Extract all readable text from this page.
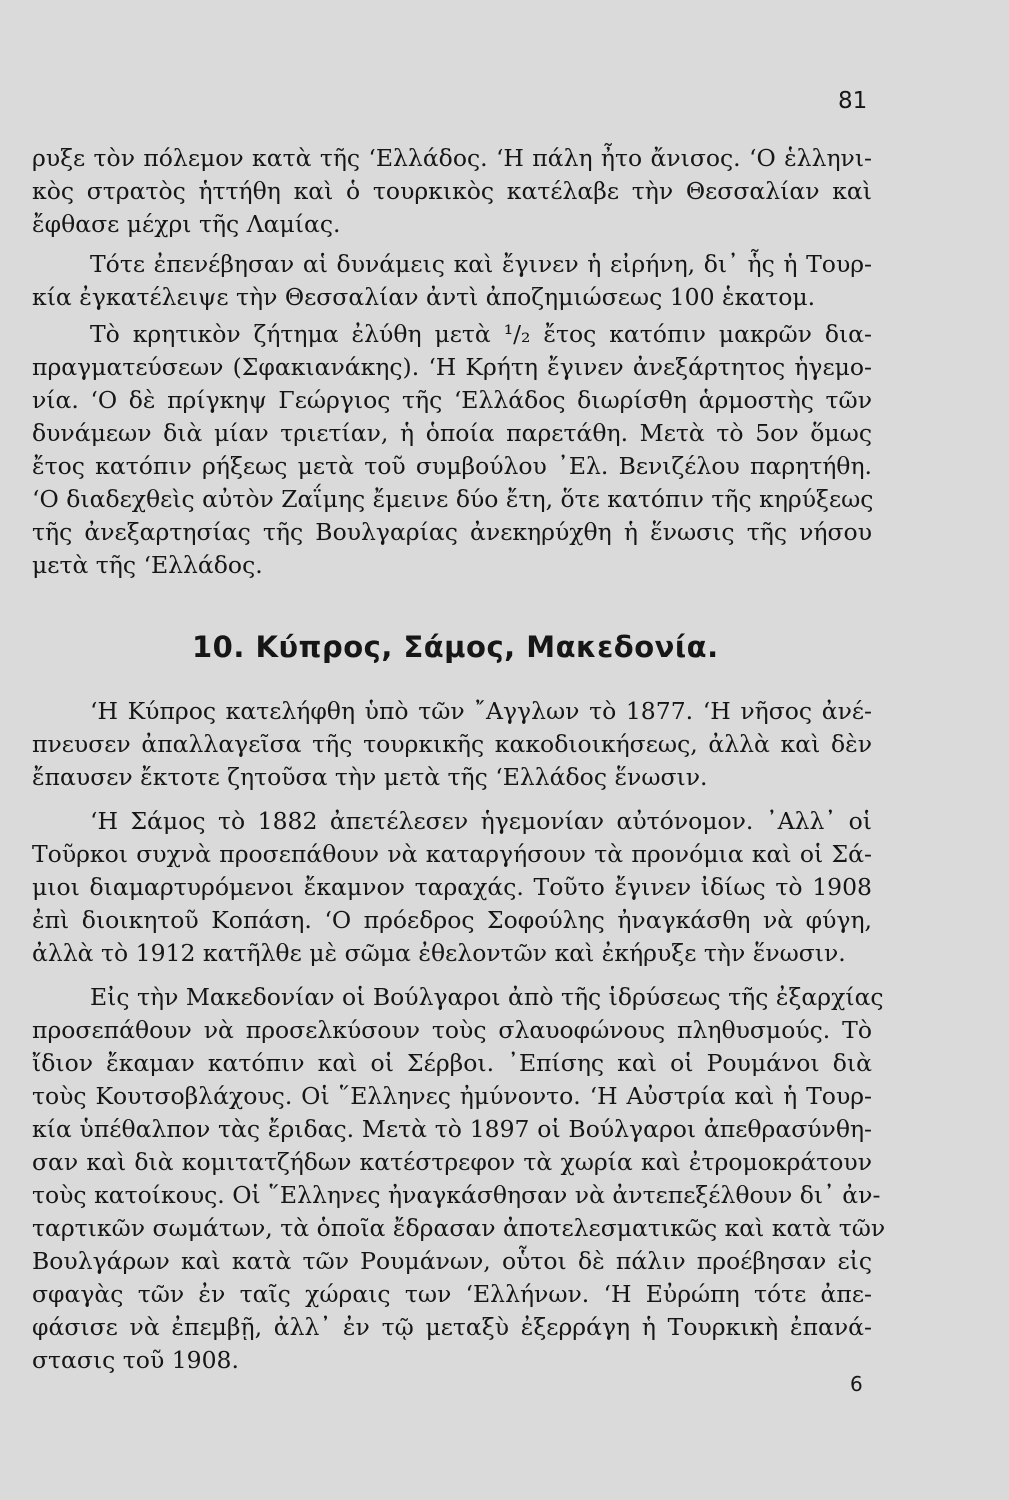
81
ρυξε τὸν πόλεμον κατὰ τῆς ‘Ελλάδος. ‘Η πάλη ἦτο ἄνισος. ‘Ο ἑλληνι-
κὸς στρατὸς ἡττήθη καὶ ὁ τουρκικὸς κατέλαβε τὴν Θεσσαλίαν καὶ
ἔφθασε μέχρι τῆς Λαμίας.
Τότε ἐπενέβησαν αἱ δυνάμεις καὶ ἔγινεν ἡ εἰρήνη, δι᾽ ἧς ἡ Τουρ-
κία ἐγκατέλειψε τὴν Θεσσαλίαν ἀντὶ ἀποζημιώσεως 100 ἑκατομ.
Τὸ κρητικὸν ζήτημα ἐλύθη μετὰ ¹/₂ ἔτος κατόπιν μακρῶν δια-
πραγματεύσεων (Σφακιανάκης). ‘Η Κρήτη ἔγινεν ἀνεξάρτητος ἡγεμο-
νία. ‘Ο δὲ πρίγκηψ Γεώργιος τῆς ‘Ελλάδος διωρίσθη ἁρμοστὴς τῶν
δυνάμεων διὰ μίαν τριετίαν, ἡ ὁποία παρετάθη. Μετὰ τὸ 5ον ὅμως
ἔτος κατόπιν ρήξεως μετὰ τοῦ συμβούλου ᾽Ελ. Βενιζέλου παρητήθη.
‘Ο διαδεχθεὶς αὐτὸν Ζαΐμης ἔμεινε δύο ἔτη, ὅτε κατόπιν τῆς κηρύξεως
τῆς ἀνεξαρτησίας τῆς Βουλγαρίας ἀνεκηρύχθη ἡ ἕνωσις τῆς νήσου
μετὰ τῆς ‘Ελλάδος.
10. Κύπρος, Σάμος, Μακεδονία.
‘Η Κύπρος κατελήφθη ὑπὸ τῶν ῎Αγγλων τὸ 1877. ‘Η νῆσος ἀνέ-
πνευσεν ἀπαλλαγεῖσα τῆς τουρκικῆς κακοδιοικήσεως, ἀλλὰ καὶ δὲν
ἔπαυσεν ἔκτοτε ζητοῦσα τὴν μετὰ τῆς ‘Ελλάδος ἕνωσιν.
‘Η Σάμος τὸ 1882 ἀπετέλεσεν ἡγεμονίαν αὐτόνομον. ᾽Αλλ᾽ οἱ
Τοῦρκοι συχνὰ προσεπάθουν νὰ καταργήσουν τὰ προνόμια καὶ οἱ Σά-
μιοι διαμαρτυρόμενοι ἔκαμνον ταραχάς. Τοῦτο ἔγινεν ἰδίως τὸ 1908
ἐπὶ διοικητοῦ Κοπάση. ‘Ο πρόεδρος Σοφούλης ἠναγκάσθη νὰ φύγη,
ἀλλὰ τὸ 1912 κατῆλθε μὲ σῶμα ἐθελοντῶν καὶ ἐκήρυξε τὴν ἕνωσιν.
Εἰς τὴν Μακεδονίαν οἱ Βούλγαροι ἀπὸ τῆς ἱδρύσεως τῆς ἐξαρχίας
προσεπάθουν νὰ προσελκύσουν τοὺς σλαυοφώνους πληθυσμούς. Τὸ
ἴδιον ἔκαμαν κατόπιν καὶ οἱ Σέρβοι. ᾽Επίσης καὶ οἱ Ρουμάνοι διὰ
τοὺς Κουτσοβλάχους. Οἱ ῞Ελληνες ἠμύνοντο. ‘Η Αὐστρία καὶ ἡ Τουρ-
κία ὑπέθαλπον τὰς ἔριδας. Μετὰ τὸ 1897 οἱ Βούλγαροι ἀπεθρασύνθη-
σαν καὶ διὰ κομιτατζήδων κατέστρεφον τὰ χωρία καὶ ἐτρομοκράτουν
τοὺς κατοίκους. Οἱ ῞Ελληνες ἠναγκάσθησαν νὰ ἀντεπεξέλθουν δι᾽ ἀν-
ταρτικῶν σωμάτων, τὰ ὁποῖα ἔδρασαν ἀποτελεσματικῶς καὶ κατὰ τῶν
Βουλγάρων καὶ κατὰ τῶν Ρουμάνων, οὗτοι δὲ πάλιν προέβησαν εἰς
σφαγὰς τῶν ἐν ταῖς χώραις των ‘Ελλήνων. ‘Η Εὐρώπη τότε ἀπε-
φάσισε νὰ ἐπεμβῇ, ἀλλ᾽ ἐν τῷ μεταξὺ ἐξερράγη ἡ Τουρκικὴ ἐπανά-
στασις τοῦ 1908.
6
